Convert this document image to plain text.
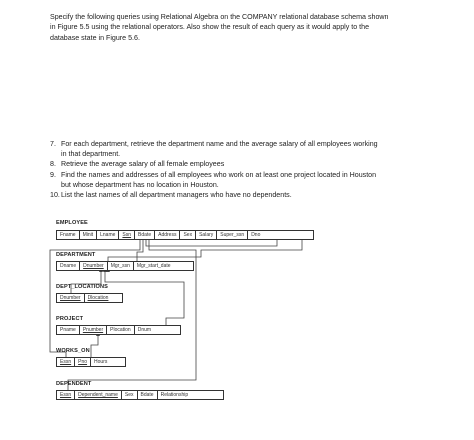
Specify the following queries using Relational Algebra on the COMPANY relational database schema shown in Figure 5.5 using the relational operators. Also show the result of each query as it would apply to the database state in Figure 5.6.

7. For each department, retrieve the department name and the average salary of all employees working in that department.
8. Retrieve the average salary of all female employees
9. Find the names and addresses of all employees who work on at least one project located in Houston but whose department has no location in Houston.
10. List the last names of all department managers who have no dependents.
EMPLOYEE
Fname	Minit	Lname	Ssn	Bdate	Address	Sex	Salary	Super_ssn	Dno
DEPARTMENT
Dname	Dnumber	Mgr_ssn	Mgr_start_date
DEPT_LOCATIONS
Dnumber	Dlocation
PROJECT
Pname	Pnumber	Plocation	Dnum
WORKS_ON
Essn	Pno	Hours
DEPENDENT
Essn	Dependent_name	Sex	Bdate	Relationship
